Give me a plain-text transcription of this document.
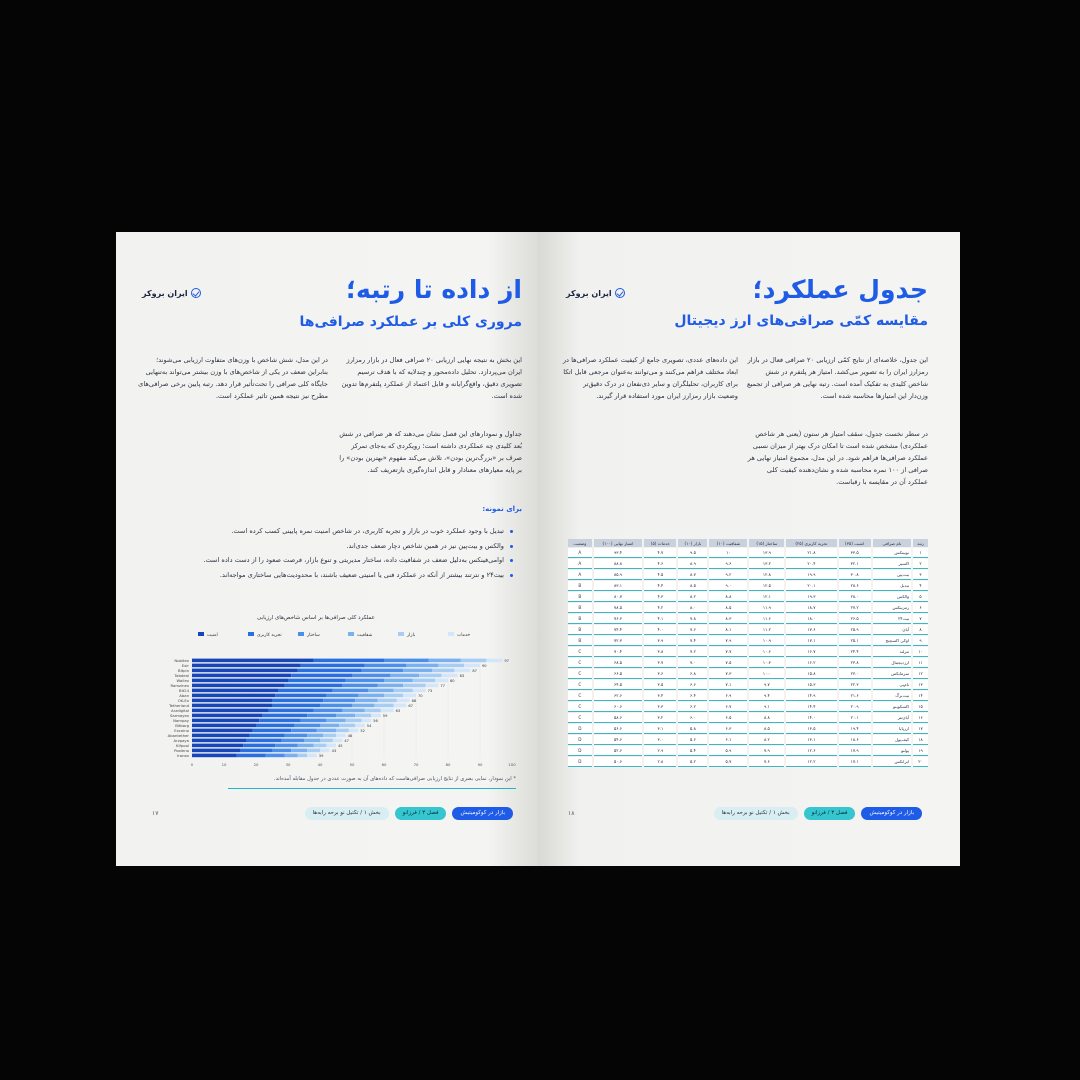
ایران بروکر	از داده تا رتبه؛
مروری کلی بر عملکرد صرافی‌ها
این بخش به نتیجه نهایی ارزیابی ۲۰ صرافی فعال در بازار رمزارز ایران می‌پردازد. تحلیل داده‌محور و چندلایه که با هدف ترسیم تصویری دقیق، واقع‌گرایانه و قابل اعتماد از عملکرد پلتفرم‌ها تدوین شده است.
در این مدل، شش شاخص با وزن‌های متفاوت ارزیابی می‌شوند؛ بنابراین ضعف در یکی از شاخص‌های با وزن بیشتر می‌تواند به‌تنهایی جایگاه کلی صرافی را تحت‌تأثیر قرار دهد. رتبه پایین برخی صرافی‌های مطرح نیز نتیجه همین تاثیر عملکرد است.
جداول و نمودارهای این فصل نشان می‌دهند که هر صرافی در شش بُعد کلیدی چه عملکردی داشته است؛ رویکردی که به‌جای تمرکز صرف بر «بزرگ‌ترین بودن»، تلاش می‌کند مفهوم «بهترین بودن» را بر پایه معیارهای معنادار و قابل اندازه‌گیری بازتعریف کند.
برای نمونه:
تبدیل با وجود عملکرد خوب در بازار و تجربه کاربری، در شاخص امنیت نمره پایینی کسب کرده است.
والکس و بیت‌پین نیز در همین شاخص دچار ضعف جدی‌اند.
اوامی‌فینکس به‌دلیل ضعف در شفافیت داده، ساختار مدیریتی و تنوع بازار، فرصت صعود را از دست داده است.
بیت۲۴ و نترتند بیشتر از آنکه در عملکرد فنی یا امنیتی ضعیف باشند، با محدودیت‌هایی ساختاری مواجه‌اند.
عملکرد کلی صرافی‌ها بر اساس شاخص‌های ارزیابی
امنیت	تجربه کاربری	ساختار	شفافیت	بازار	خدمات
0	10	20	30	40	50	60	70	80	90	100
Nobitex	97
Exir	90
Bitpin	87
Tabdeal	83
Wallex	80
Ramzinex	77
Bit24	73
Aban	70
OK-Ex	68
Tetherland	67
Arzdigital	63
Sarmayex	59
Nampay	56
Bitbarg	54
Excoino	52
Abantether	48
Arzpaya	47
Kifpool	45
Pooleno	43
Iranex	39
* این نمودار، نمایی بصری از نتایج ارزیابی صرافی‌هاست که داده‌های آن به صورت عددی در جدول مقابله آمده‌اند.
بازار در کوکومیتیش
فصل ۳ / فرزانو
بخش ۱ / تکتیل نو برحه رابه‌ها
۱۷
ایران بروکر	جدول عملکرد؛
مقایسه کمّی صرافی‌های ارز دیجیتال
این جدول، خلاصه‌ای از نتایج کمّی ارزیابی ۲۰ صرافی فعال در بازار رمزارز ایران را به تصویر می‌کشد. امتیاز هر پلتفرم در شش شاخص کلیدی به تفکیک آمده است. رتبه نهایی هر صرافی از تجمیع وزن‌دار این امتیازها محاسبه شده است.
این داده‌های عددی، تصویری جامع از کیفیت عملکرد صرافی‌ها در ابعاد مختلف فراهم می‌کنند و می‌توانند به‌عنوان مرجعی قابل اتکا برای کاربران، تحلیلگران و سایر ذی‌نفعان در درک دقیق‌تر وضعیت بازار رمزارز ایران مورد استفاده قرار گیرند.
در سطر نخست جدول، سقف امتیاز هر ستون (یعنی هر شاخص عملکردی) مشخص شده است تا امکان درک بهتر از میزان نسبی عملکرد صرافی‌ها فراهم شود. در این مدل، مجموع امتیاز نهایی هر صرافی از ۱۰۰ نمره محاسبه شده و نشان‌دهنده کیفیت کلی عملکرد آن در مقایسه با رقباست.
رتبه	نام صرافی	امنیت (۳۵)	تجربه کاربری (۲۵)	ساختار (۱۵)	شفافیت (۱۰)	بازار (۱۰)	خدمات (۵)	امتیاز نهایی (۱۰۰)	وضعیت
۱	نوبیتکس	۳۳.۵	۲۱.۸	۱۳.۹	۱۰	۹.۵	۴.۷	۹۳.۴	A
۲	اکسیر	۳۲.۱	۲۰.۴	۱۳.۲	۹.۶	۸.۹	۴.۶	۸۸.۸	A
۳	بیت‌پین	۳۰.۸	۱۹.۹	۱۲.۸	۹.۲	۸.۷	۴.۵	۸۵.۹	A
۴	تبدیل	۲۸.۶	۲۰.۱	۱۲.۵	۹.۰	۸.۵	۴.۴	۸۳.۱	B
۵	والکس	۲۸.۰	۱۹.۳	۱۲.۱	۸.۸	۸.۲	۴.۳	۸۰.۷	B
۶	رمزینکس	۲۷.۲	۱۸.۷	۱۱.۹	۸.۵	۸.۰	۴.۲	۷۸.۵	B
۷	بیت۲۴	۲۶.۵	۱۸.۰	۱۱.۶	۸.۳	۷.۸	۴.۱	۷۶.۳	B
۸	آبان	۲۵.۹	۱۷.۶	۱۱.۲	۸.۱	۷.۶	۴.۰	۷۴.۴	B
۹	اوکی اکسچنج	۲۵.۱	۱۷.۱	۱۰.۹	۷.۹	۷.۴	۳.۹	۷۲.۳	B
۱۰	تترلند	۲۴.۴	۱۶.۷	۱۰.۶	۷.۷	۷.۲	۳.۸	۷۰.۴	C
۱۱	ارزدیجیتال	۲۳.۸	۱۶.۲	۱۰.۳	۷.۵	۷.۰	۳.۷	۶۸.۵	C
۱۲	سرمایکس	۲۳.۰	۱۵.۸	۱۰.۰	۷.۳	۶.۸	۳.۶	۶۶.۵	C
۱۳	نام‌پی	۲۲.۳	۱۵.۳	۹.۷	۷.۱	۶.۶	۳.۵	۶۴.۵	C
۱۴	بیت‌برگ	۲۱.۶	۱۴.۹	۹.۴	۶.۹	۶.۴	۳.۴	۶۲.۶	C
۱۵	اکسکوینو	۲۰.۹	۱۴.۴	۹.۱	۶.۷	۶.۲	۳.۳	۶۰.۶	C
۱۶	آبان‌تتر	۲۰.۱	۱۴.۰	۸.۸	۶.۵	۶.۰	۳.۲	۵۸.۶	C
۱۷	ارزپایا	۱۹.۴	۱۳.۵	۸.۵	۶.۳	۵.۸	۳.۱	۵۶.۶	D
۱۸	کیف‌پول	۱۸.۶	۱۳.۱	۸.۲	۶.۱	۵.۶	۳.۰	۵۴.۶	D
۱۹	پولنو	۱۷.۹	۱۲.۶	۷.۹	۵.۹	۵.۴	۲.۹	۵۲.۶	D
۲۰	ایرانکس	۱۷.۱	۱۲.۲	۷.۶	۵.۷	۵.۲	۲.۸	۵۰.۶	D
بازار در کوکومیتیش
فصل ۳ / فرزانو
بخش ۱ / تکتیل نو برحه رابه‌ها
۱۸
